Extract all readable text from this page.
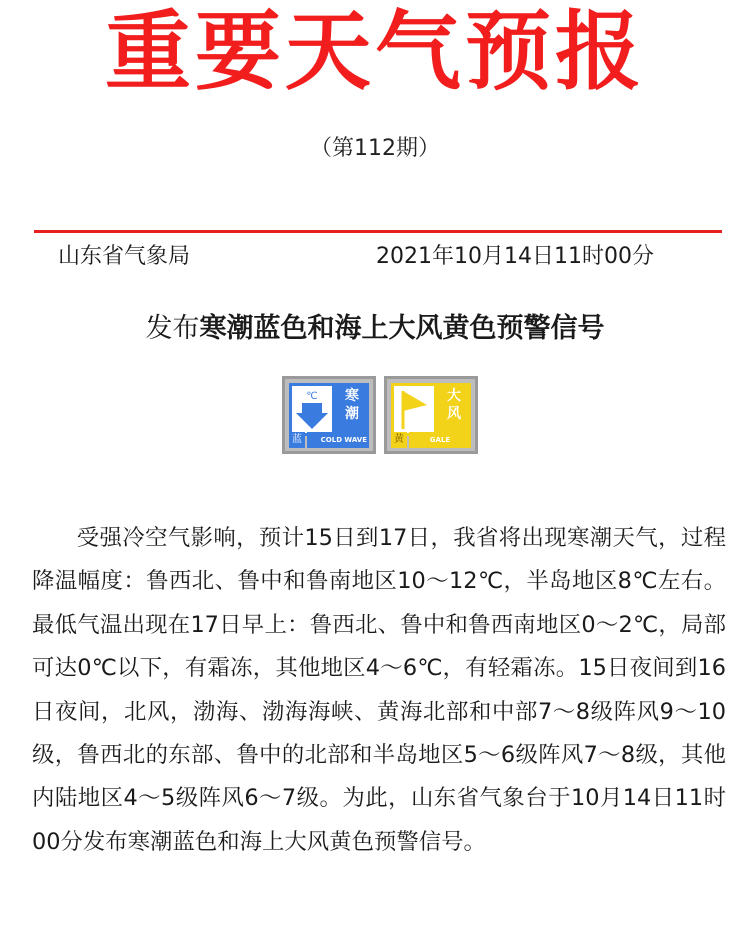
重要天气预报
（第112期）
山东省气象局	2021年10月14日11时00分
发布寒潮蓝色和海上大风黄色预警信号
℃ 寒潮
蓝	COLD WAVE
大风
黄	GALE
受强冷空气影响，预计15日到17日，我省将出现寒潮天气，过程降温幅度：鲁西北、鲁中和鲁南地区10～12℃，半岛地区8℃左右。最低气温出现在17日早上：鲁西北、鲁中和鲁西南地区0～2℃，局部可达0℃以下，有霜冻，其他地区4～6℃，有轻霜冻。15日夜间到16日夜间，北风，渤海、渤海海峡、黄海北部和中部7～8级阵风9～10级，鲁西北的东部、鲁中的北部和半岛地区5～6级阵风7～8级，其他内陆地区4～5级阵风6～7级。为此，山东省气象台于10月14日11时00分发布寒潮蓝色和海上大风黄色预警信号。
